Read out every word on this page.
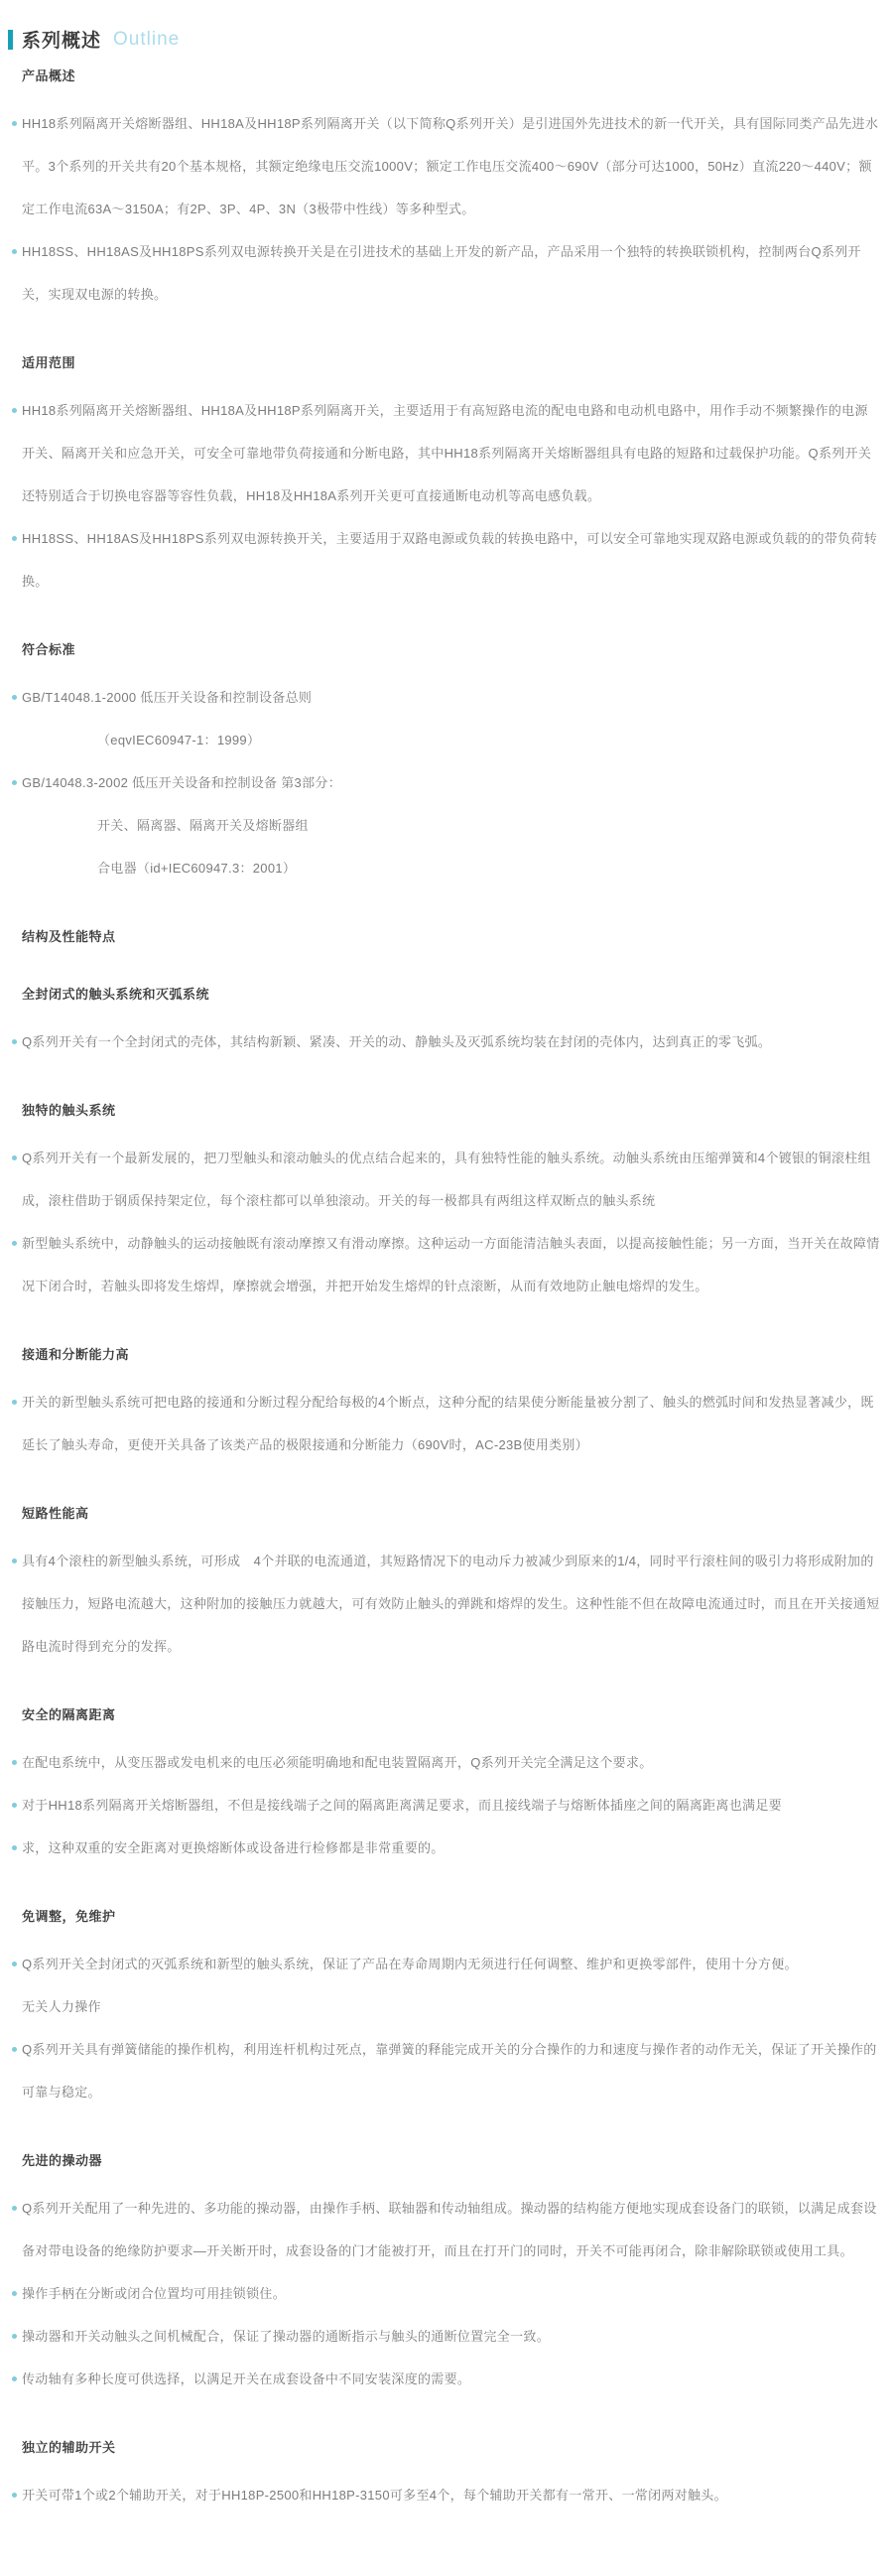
系列概述 Outline
产品概述

HH18系列隔离开关熔断器组、HH18A及HH18P系列隔离开关（以下简称Q系列开关）是引进国外先进技术的新一代开关，具有国际同类产品先进水平。3个系列的开关共有20个基本规格，其额定绝缘电压交流1000V；额定工作电压交流400～690V（部分可达1000，50Hz）直流220～440V；额定工作电流63A～3150A；有2P、3P、4P、3N（3极带中性线）等多种型式。

HH18SS、HH18AS及HH18PS系列双电源转换开关是在引进技术的基础上开发的新产品，产品采用一个独特的转换联锁机构，控制两台Q系列开关，实现双电源的转换。

适用范围

HH18系列隔离开关熔断器组、HH18A及HH18P系列隔离开关，主要适用于有高短路电流的配电电路和电动机电路中，用作手动不频繁操作的电源开关、隔离开关和应急开关，可安全可靠地带负荷接通和分断电路，其中HH18系列隔离开关熔断器组具有电路的短路和过载保护功能。Q系列开关还特别适合于切换电容器等容性负载，HH18及HH18A系列开关更可直接通断电动机等高电感负载。

HH18SS、HH18AS及HH18PS系列双电源转换开关，主要适用于双路电源或负载的转换电路中，可以安全可靠地实现双路电源或负载的的带负荷转换。

符合标准

GB/T14048.1-2000 低压开关设备和控制设备总则

（eqvIEC60947-1：1999）

GB/14048.3-2002 低压开关设备和控制设备 第3部分：

开关、隔离器、隔离开关及熔断器组

合电器（id+IEC60947.3：2001）

结构及性能特点
全封闭式的触头系统和灭弧系统

Q系列开关有一个全封闭式的壳体，其结构新颖、紧凑、开关的动、静触头及灭弧系统均装在封闭的壳体内，达到真正的零飞弧。

独特的触头系统

Q系列开关有一个最新发展的，把刀型触头和滚动触头的优点结合起来的，具有独特性能的触头系统。动触头系统由压缩弹簧和4个镀银的铜滚柱组成，滚柱借助于钢质保持架定位，每个滚柱都可以单独滚动。开关的每一极都具有两组这样双断点的触头系统

新型触头系统中，动静触头的运动接触既有滚动摩擦又有滑动摩擦。这种运动一方面能清洁触头表面，以提高接触性能；另一方面，当开关在故障情况下闭合时，若触头即将发生熔焊，摩擦就会增强，并把开始发生熔焊的针点滚断，从而有效地防止触电熔焊的发生。

接通和分断能力高

开关的新型触头系统可把电路的接通和分断过程分配给每极的4个断点，这种分配的结果使分断能量被分割了、触头的燃弧时间和发热显著减少，既延长了触头寿命，更使开关具备了该类产品的极限接通和分断能力（690V时，AC-23B使用类别）

短路性能高

具有4个滚柱的新型触头系统，可形成　4个并联的电流通道，其短路情况下的电动斥力被减少到原来的1/4，同时平行滚柱间的吸引力将形成附加的接触压力，短路电流越大，这种附加的接触压力就越大，可有效防止触头的弹跳和熔焊的发生。这种性能不但在故障电流通过时，而且在开关接通短路电流时得到充分的发挥。

安全的隔离距离

在配电系统中，从变压器或发电机来的电压必须能明确地和配电装置隔离开，Q系列开关完全满足这个要求。

对于HH18系列隔离开关熔断器组，不但是接线端子之间的隔离距离满足要求，而且接线端子与熔断体插座之间的隔离距离也满足要

求，这种双重的安全距离对更换熔断体或设备进行检修都是非常重要的。

免调整，免维护

Q系列开关全封闭式的灭弧系统和新型的触头系统，保证了产品在寿命周期内无须进行任何调整、维护和更换零部件，使用十分方便。

无关人力操作

Q系列开关具有弹簧储能的操作机构，利用连杆机构过死点，靠弹簧的释能完成开关的分合操作的力和速度与操作者的动作无关，保证了开关操作的可靠与稳定。

先进的操动器

Q系列开关配用了一种先进的、多功能的操动器，由操作手柄、联轴器和传动轴组成。操动器的结构能方便地实现成套设备门的联锁，以满足成套设备对带电设备的绝缘防护要求—开关断开时，成套设备的门才能被打开，而且在打开门的同时，开关不可能再闭合，除非解除联锁或使用工具。

操作手柄在分断或闭合位置均可用挂锁锁住。

操动器和开关动触头之间机械配合，保证了操动器的通断指示与触头的通断位置完全一致。

传动轴有多种长度可供选择，以满足开关在成套设备中不同安装深度的需要。

独立的辅助开关

开关可带1个或2个辅助开关，对于HH18P-2500和HH18P-3150可多至4个，每个辅助开关都有一常开、一常闭两对触头。
